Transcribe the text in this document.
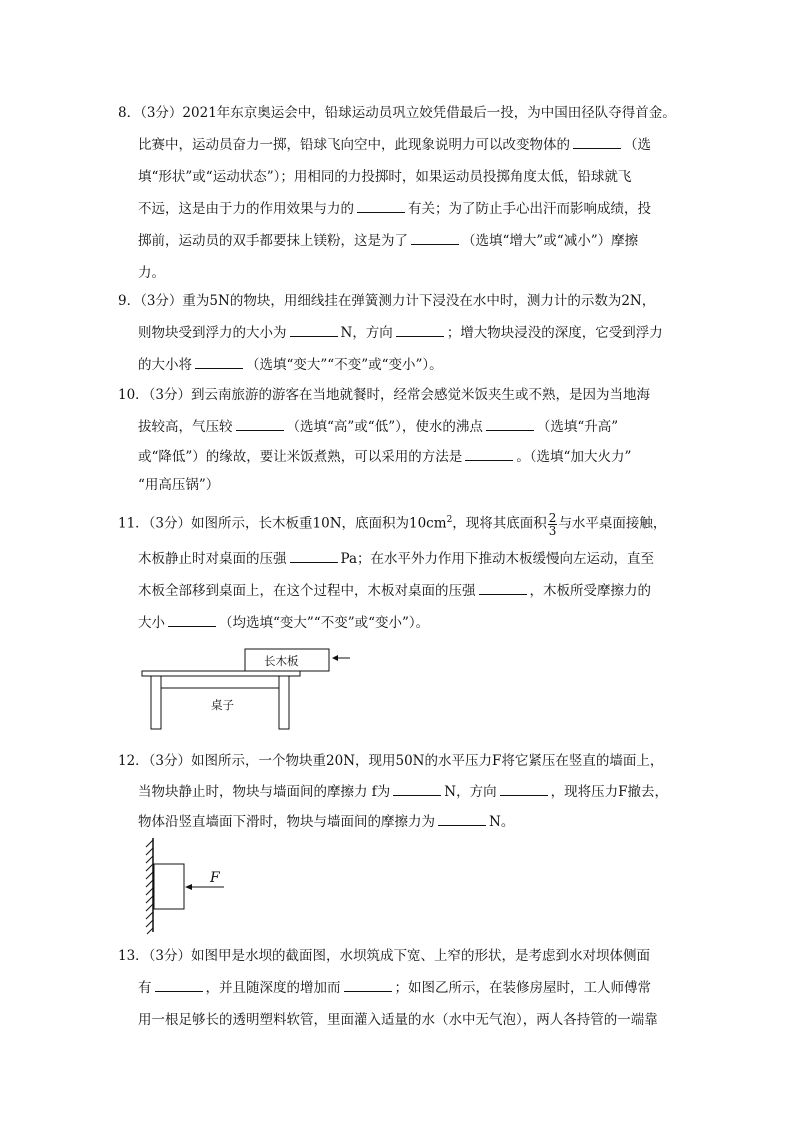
8．（3分）2021年东京奥运会中，铅球运动员巩立姣凭借最后一投，为中国田径队夺得首金。
比赛中，运动员奋力一掷，铅球飞向空中，此现象说明力可以改变物体的	（选
填“形状”或“运动状态”）；用相同的力投掷时，如果运动员投掷角度太低，铅球就飞
不远，这是由于力的作用效果与力的	有关；为了防止手心出汗而影响成绩，投
掷前，运动员的双手都要抹上镁粉，这是为了	（选填“增大”或“减小”）摩擦
力。
9．（3分）重为5N的物块，用细线挂在弹簧测力计下浸没在水中时，测力计的示数为2N，
则物块受到浮力的大小为	N，方向	；增大物块浸没的深度，它受到浮力
的大小将	（选填“变大”“不变”或“变小”）。
10．（3分）到云南旅游的游客在当地就餐时，经常会感觉米饭夹生或不熟，是因为当地海
拔较高，气压较	（选填“高”或“低”），使水的沸点	（选填“升高”
或“降低”）的缘故，要让米饭煮熟，可以采用的方法是	。（选填“加大火力”
“用高压锅”）
11．（3分）如图所示，长木板重10N，底面积为$10cm^2$，现将其底面积 $\frac{2}{3}$ 与水平桌面接触，
木板静止时对桌面的压强	Pa；在水平外力作用下推动木板缓慢向左运动，直至
木板全部移到桌面上，在这个过程中，木板对桌面的压强	，木板所受摩擦力的
大小	（均选填“变大”“不变”或“变小”）。
长木板
桌子
12．（3分）如图所示，一个物块重20N，现用50N的水平压力F将它紧压在竖直的墙面上，
当物块静止时，物块与墙面间的摩擦力 f为	N，方向	，现将压力F撤去，
物体沿竖直墙面下滑时，物块与墙面间的摩擦力为	N。
F
13．（3分）如图甲是水坝的截面图，水坝筑成下宽、上窄的形状，是考虑到水对坝体侧面
有	，并且随深度的增加而	；如图乙所示，在装修房屋时，工人师傅常
用一根足够长的透明塑料软管，里面灌入适量的水（水中无气泡），两人各持管的一端靠
